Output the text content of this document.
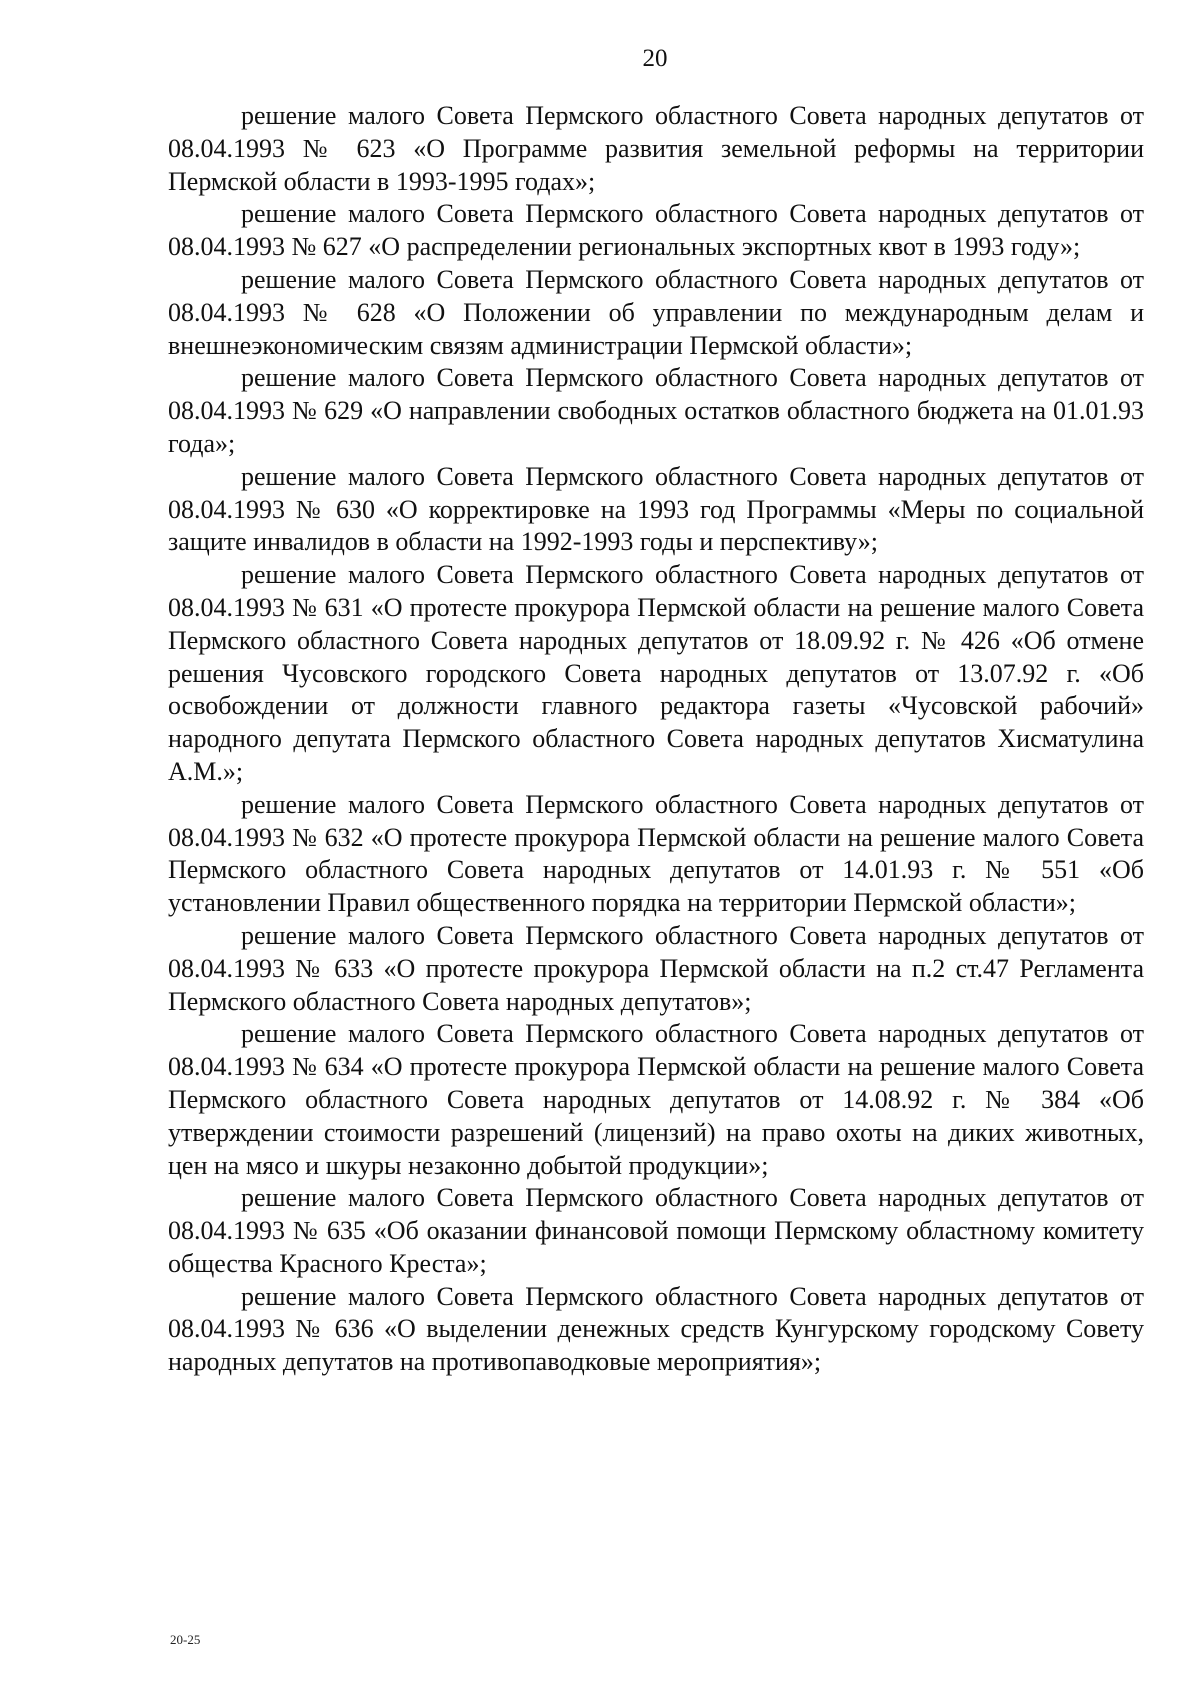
20

решение малого Совета Пермского областного Совета народных депутатов от 08.04.1993 № 623 «О Программе развития земельной реформы на территории Пермской области в 1993-1995 годах»;

решение малого Совета Пермского областного Совета народных депутатов от 08.04.1993 № 627 «О распределении региональных экспортных квот в 1993 году»;

решение малого Совета Пермского областного Совета народных депутатов от 08.04.1993 № 628 «О Положении об управлении по международным делам и внешнеэкономическим связям администрации Пермской области»;

решение малого Совета Пермского областного Совета народных депутатов от 08.04.1993 № 629 «О направлении свободных остатков областного бюджета на 01.01.93 года»;

решение малого Совета Пермского областного Совета народных депутатов от 08.04.1993 № 630 «О корректировке на 1993 год Программы «Меры по социальной защите инвалидов в области на 1992-1993 годы и перспективу»;

решение малого Совета Пермского областного Совета народных депутатов от 08.04.1993 № 631 «О протесте прокурора Пермской области на решение малого Совета Пермского областного Совета народных депутатов от 18.09.92 г. № 426 «Об отмене решения Чусовского городского Совета народных депутатов от 13.07.92 г. «Об освобождении от должности главного редактора газеты «Чусовской рабочий» народного депутата Пермского областного Совета народных депутатов Хисматулина А.М.»;

решение малого Совета Пермского областного Совета народных депутатов от 08.04.1993 № 632 «О протесте прокурора Пермской области на решение малого Совета Пермского областного Совета народных депутатов от 14.01.93 г. № 551 «Об установлении Правил общественного порядка на территории Пермской области»;

решение малого Совета Пермского областного Совета народных депутатов от 08.04.1993 № 633 «О протесте прокурора Пермской области на п.2 ст.47 Регламента Пермского областного Совета народных депутатов»;

решение малого Совета Пермского областного Совета народных депутатов от 08.04.1993 № 634 «О протесте прокурора Пермской области на решение малого Совета Пермского областного Совета народных депутатов от 14.08.92 г. № 384 «Об утверждении стоимости разрешений (лицензий) на право охоты на диких животных, цен на мясо и шкуры незаконно добытой продукции»;

решение малого Совета Пермского областного Совета народных депутатов от 08.04.1993 № 635 «Об оказании финансовой помощи Пермскому областному комитету общества Красного Креста»;

решение малого Совета Пермского областного Совета народных депутатов от 08.04.1993 № 636 «О выделении денежных средств Кунгурскому городскому Совету народных депутатов на противопаводковые мероприятия»;

20-25
